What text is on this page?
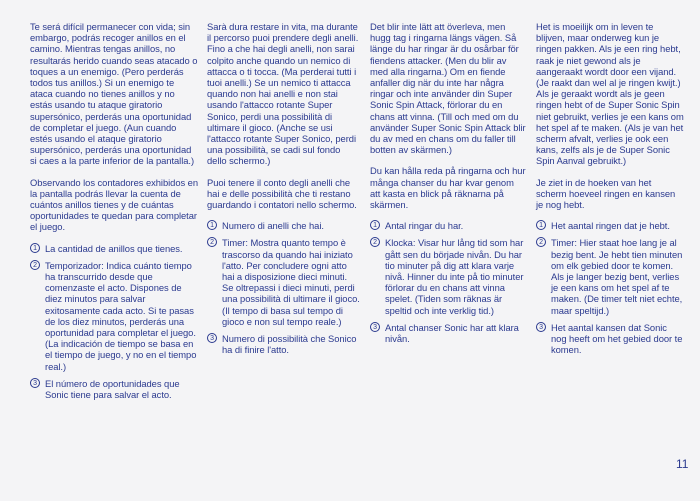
Te será difícil permanecer con vida; sin embargo, podrás recoger anillos en el camino. Mientras tengas anillos, no resultarás herido cuando seas atacado o toques a un enemigo. (Pero perderás todos tus anillos.) Si un enemigo te ataca cuando no tienes anillos y no estás usando tu ataque giratorio supersónico, perderás una oportunidad de completar el juego. (Aun cuando estés usando el ataque giratorio supersónico, perderás una oportunidad si caes a la parte inferior de la pantalla.)

Observando los contadores exhibidos en la pantalla podrás llevar la cuenta de cuántos anillos tienes y de cuántas oportunidades te quedan para completar el juego.

1 La cantidad de anillos que tienes.
2 Temporizador: Indica cuánto tiempo ha transcurrido desde que comenzaste el acto. Dispones de diez minutos para salvar exitosamente cada acto. Si te pasas de los diez minutos, perderás una oportunidad para completar el juego. (La indicación de tiempo se basa en el tiempo de juego, y no en el tiempo real.)
3 El número de oportunidades que Sonic tiene para salvar el acto.

Sarà dura restare in vita, ma durante il percorso puoi prendere degli anelli. Fino a che hai degli anelli, non sarai colpito anche quando un nemico di attacca o ti tocca. (Ma perderai tutti i tuoi anelli.) Se un nemico ti attacca quando non hai anelli e non stai usando l'attacco rotante Super Sonico, perdi una possibilità di ultimare il gioco. (Anche se usi l'attacco rotante Super Sonico, perdi una possibilità, se cadi sul fondo dello schermo.)

Puoi tenere il conto degli anelli che hai e delle possibilità che ti restano guardando i contatori nello schermo.

1 Numero di anelli che hai.
2 Timer: Mostra quanto tempo è trascorso da quando hai iniziato l'atto. Per concludere ogni atto hai a disposizione dieci minuti. Se oltrepassi i dieci minuti, perdi una possibilità di ultimare il gioco.(Il tempo di basa sul tempo di gioco e non sul tempo reale.)
3 Numero di possibilità che Sonico ha di finire l'atto.

Det blir inte lätt att överleva, men hugg tag i ringarna längs vägen. Så länge du har ringar är du osårbar för fiendens attacker. (Men du blir av med alla ringarna.) Om en fiende anfaller dig när du inte har några ringar och inte använder din Super Sonic Spin Attack, förlorar du en chans att vinna. (Till och med om du använder Super Sonic Spin Attack blir du av med en chans om du faller till botten av skärmen.)

Du kan hålla reda på ringarna och hur många chanser du har kvar genom att kasta en blick på räknarna på skärmen.

1 Antal ringar du har.
2 Klocka: Visar hur lång tid som har gått sen du började nivån. Du har tio minuter på dig att klara varje nivå. Hinner du inte på tio minuter förlorar du en chans att vinna spelet. (Tiden som räknas är speltid och inte verklig tid.)
3 Antal chanser Sonic har att klara nivån.

Het is moeilijk om in leven te blijven, maar onderweg kun je ringen pakken. Als je een ring hebt, raak je niet gewond als je aangeraakt wordt door een vijand. (Je raakt dan wel al je ringen kwijt.) Als je geraakt wordt als je geen ringen hebt of de Super Sonic Spin niet gebruikt, verlies je een kans om het spel af te maken. (Als je van het scherm afvalt, verlies je ook een kans, zelfs als je de Super Sonic Spin Aanval gebruikt.)

Je ziet in de hoeken van het scherm hoeveel ringen en kansen je nog hebt.

1 Het aantal ringen dat je hebt.
2 Timer: Hier staat hoe lang je al bezig bent. Je hebt tien minuten om elk gebied door te komen. Als je langer bezig bent, verlies je een kans om het spel af te maken. (De timer telt niet echte, maar speltijd.)
3 Het aantal kansen dat Sonic nog heeft om het gebied door te komen.
11
